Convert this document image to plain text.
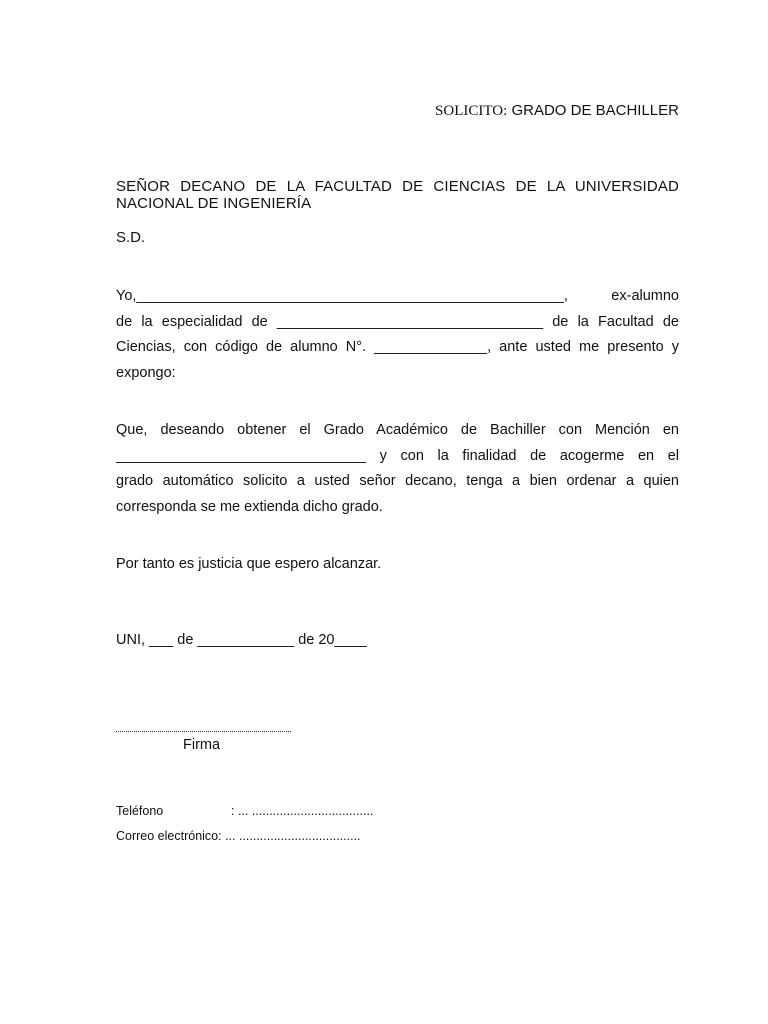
SOLICITO: GRADO DE BACHILLER
SEÑOR DECANO DE LA FACULTAD DE CIENCIAS DE LA UNIVERSIDAD
NACIONAL DE INGENIERÍA
S.D.
Yo,_____________________________________________________, ex-alumno
de la especialidad de _________________________________ de la Facultad de
Ciencias, con código de alumno N°. ______________, ante usted me presento y
expongo:
Que, deseando obtener el Grado Académico de Bachiller con Mención en
_______________________________ y con la finalidad de acogerme en el
grado automático solicito a usted señor decano, tenga a bien ordenar a quien
corresponda se me extienda dicho grado.
Por tanto es justicia que espero alcanzar.
UNI, ___ de ____________ de 20____
Firma
Teléfono	: ... ...................................
Correo electrónico: ... ...................................
